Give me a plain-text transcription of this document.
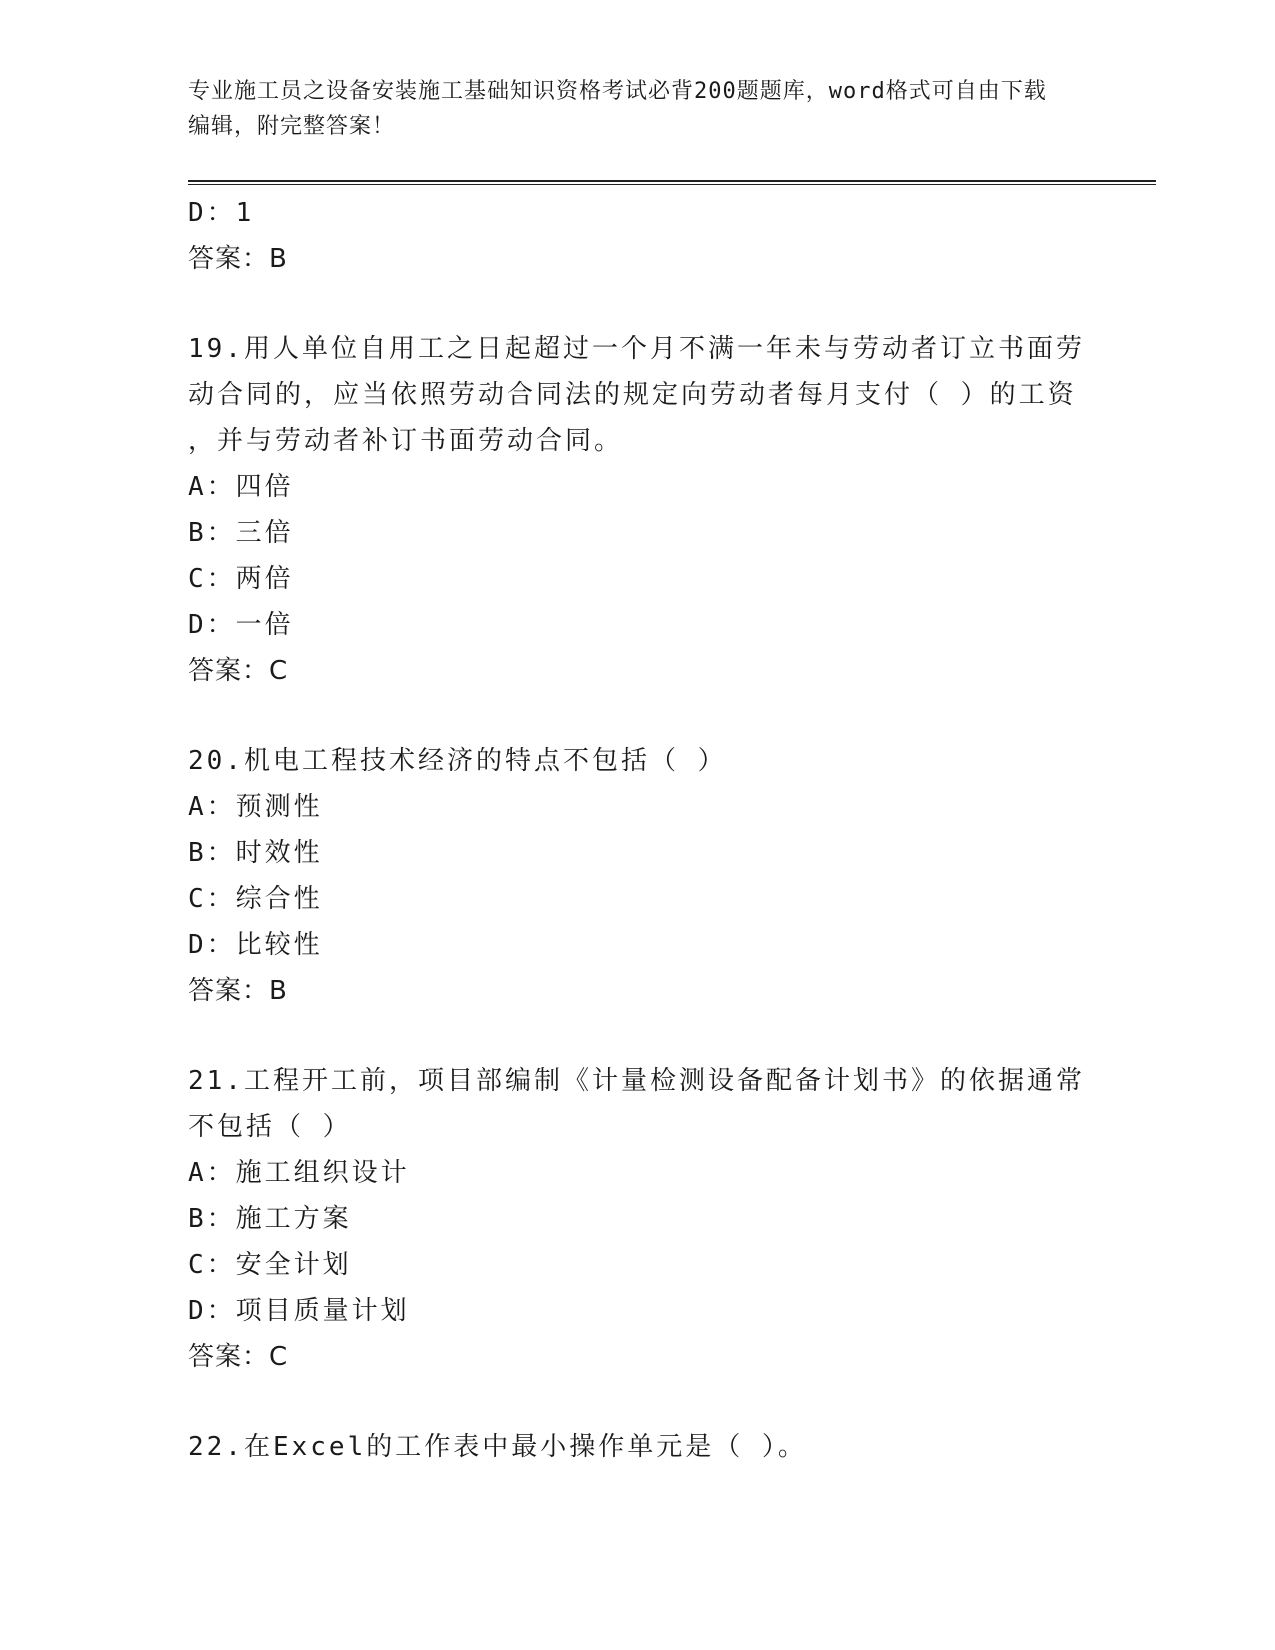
专业施工员之设备安装施工基础知识资格考试必背200题题库，word格式可自由下载编辑，附完整答案！
D：1
答案：B
19.用人单位自用工之日起超过一个月不满一年未与劳动者订立书面劳
动合同的，应当依照劳动合同法的规定向劳动者每月支付（ ）的工资
，并与劳动者补订书面劳动合同。
A：四倍
B：三倍
C：两倍
D：一倍
答案：C
20.机电工程技术经济的特点不包括（ ）
A：预测性
B：时效性
C：综合性
D：比较性
答案：B
21.工程开工前，项目部编制《计量检测设备配备计划书》的依据通常
不包括（ ）
A：施工组织设计
B：施工方案
C：安全计划
D：项目质量计划
答案：C
22.在Excel的工作表中最小操作单元是（ ）。
